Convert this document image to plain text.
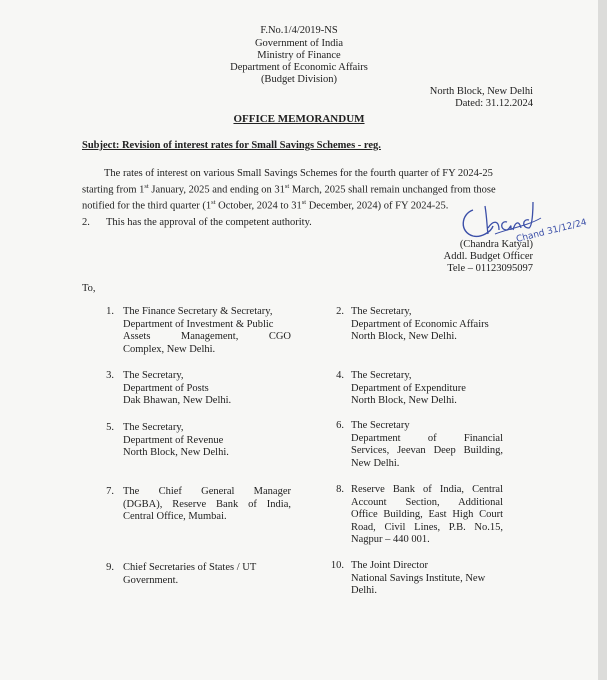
F.No.1/4/2019-NS
Government of India
Ministry of Finance
Department of Economic Affairs
(Budget Division)
North Block, New Delhi
Dated: 31.12.2024
OFFICE MEMORANDUM
Subject: Revision of interest rates for Small Savings Schemes - reg.
The rates of interest on various Small Savings Schemes for the fourth quarter of FY 2024-25
starting from 1st January, 2025 and ending on 31st March, 2025 shall remain unchanged from those
notified for the third quarter (1st October, 2024 to 31st December, 2024) of FY 2024-25.
2. This has the approval of the competent authority.	Chand 31/12/24
(Chandra Katyal)
Addl. Budget Officer
Tele – 01123095097
To,
1. The Finance Secretary & Secretary,
Department of Investment & Public
Assets Management, CGO
Complex, New Delhi.
3. The Secretary,
Department of Posts
Dak Bhawan, New Delhi.
5. The Secretary,
Department of Revenue
North Block, New Delhi.
7. The Chief General Manager
(DGBA), Reserve Bank of India,
Central Office, Mumbai.
9. Chief Secretaries of States / UT
Government.
2. The Secretary,
Department of Economic Affairs
North Block, New Delhi.
4. The Secretary,
Department of Expenditure
North Block, New Delhi.
6. The Secretary
Department of Financial
Services, Jeevan Deep Building,
New Delhi.
8. Reserve Bank of India, Central
Account Section, Additional
Office Building, East High Court
Road, Civil Lines, P.B. No.15,
Nagpur – 440 001.
10. The Joint Director
National Savings Institute, New
Delhi.
